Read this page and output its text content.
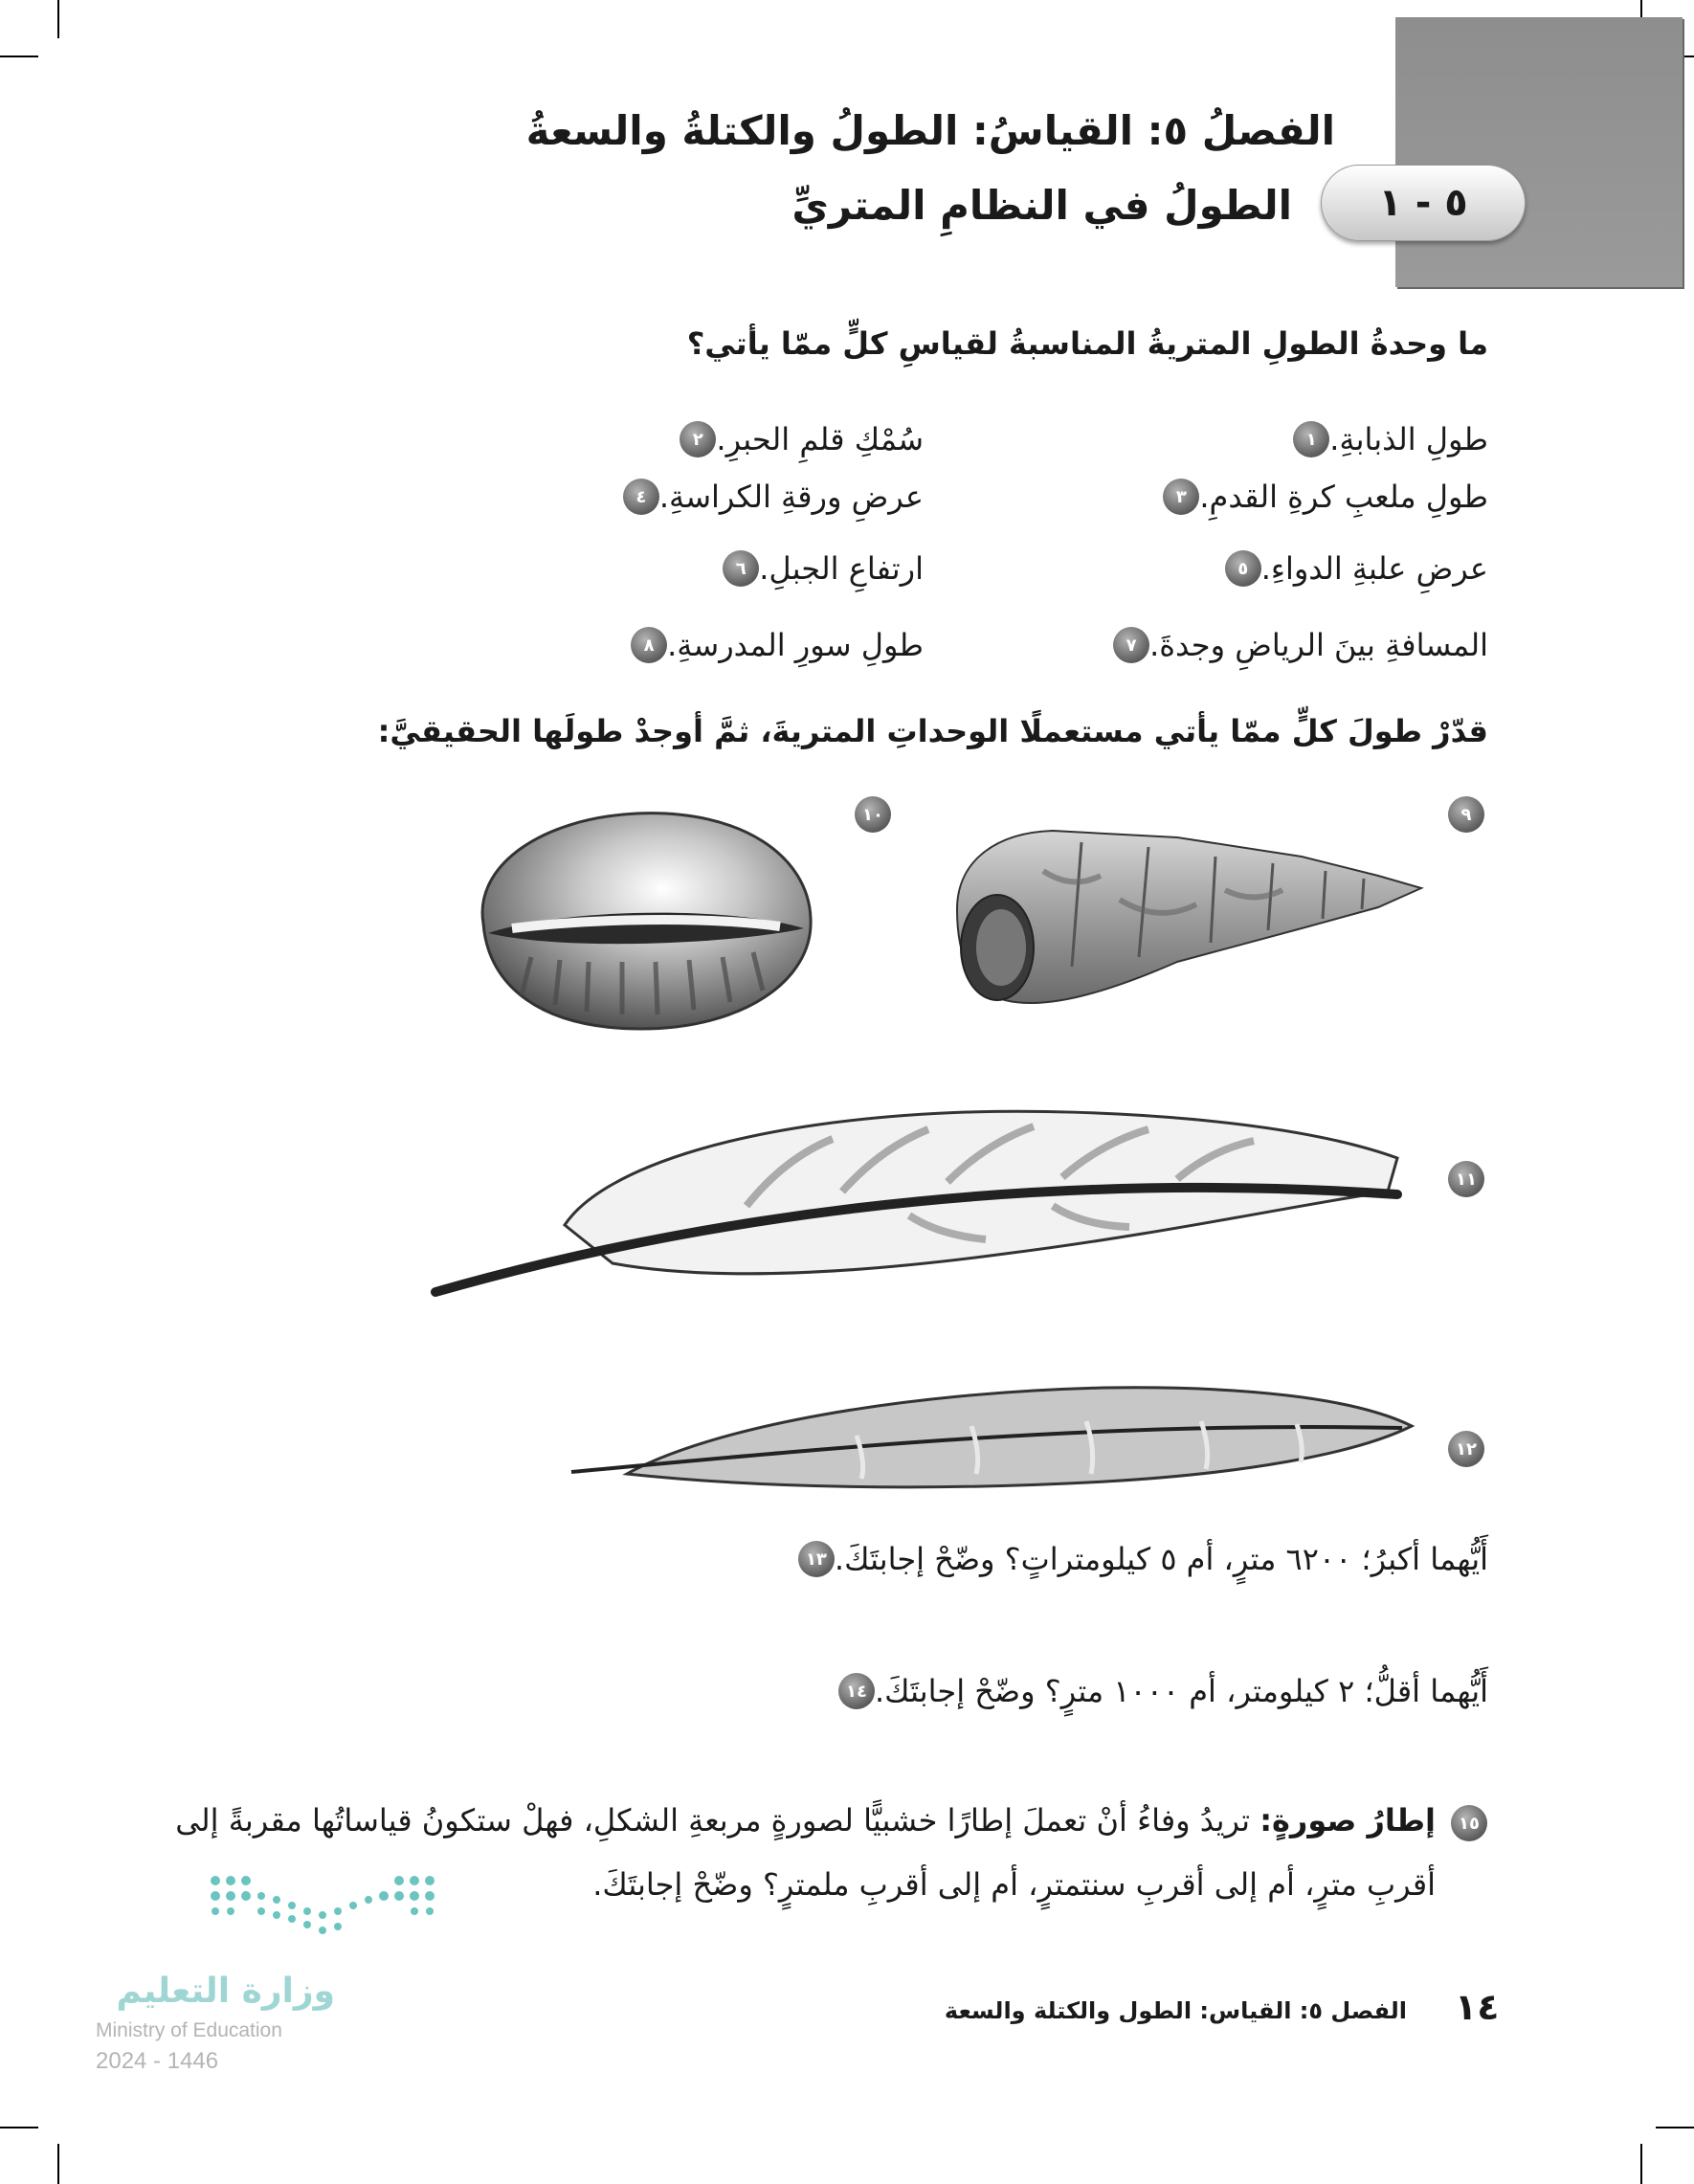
الفصلُ ٥: القياسُ: الطولُ والكتلةُ والسعةُ
٥ - ١
الطولُ في النظامِ المتريِّ
ما وحدةُ الطولِ المتريةُ المناسبةُ لقياسِ كلٍّ ممّا يأتي؟
١ طولِ الذبابةِ.
٢ سُمْكِ قلمِ الحبرِ.
٣ طولِ ملعبِ كرةِ القدمِ.
٤ عرضِ ورقةِ الكراسةِ.
٥ عرضِ علبةِ الدواءِ.
٦ ارتفاعِ الجبلِ.
٧ المسافةِ بينَ الرياضِ وجدةَ.
٨ طولِ سورِ المدرسةِ.
قدّرْ طولَ كلٍّ ممّا يأتي مستعملًا الوحداتِ المتريةَ، ثمَّ أوجدْ طولَها الحقيقيَّ:
٩
١٠
١١
١٢
١٣ أَيُّهما أكبرُ؛ ٦٢٠٠ مترٍ، أم ٥ كيلومتراتٍ؟ وضّحْ إجابتَكَ.
١٤ أَيُّهما أقلُّ؛ ٢ كيلومتر، أم ١٠٠٠ مترٍ؟ وضّحْ إجابتَكَ.
١٥
إطارُ صورةٍ: تريدُ وفاءُ أنْ تعملَ إطارًا خشبيًّا لصورةٍ مربعةِ الشكلِ، فهلْ ستكونُ قياساتُها مقربةً إلى
أقربِ مترٍ، أم إلى أقربِ سنتمترٍ، أم إلى أقربِ ملمترٍ؟ وضّحْ إجابتَكَ.
وزارة التعليم
Ministry of Education
2024 - 1446
١٤
الفصل ٥: القياس: الطول والكتلة والسعة
